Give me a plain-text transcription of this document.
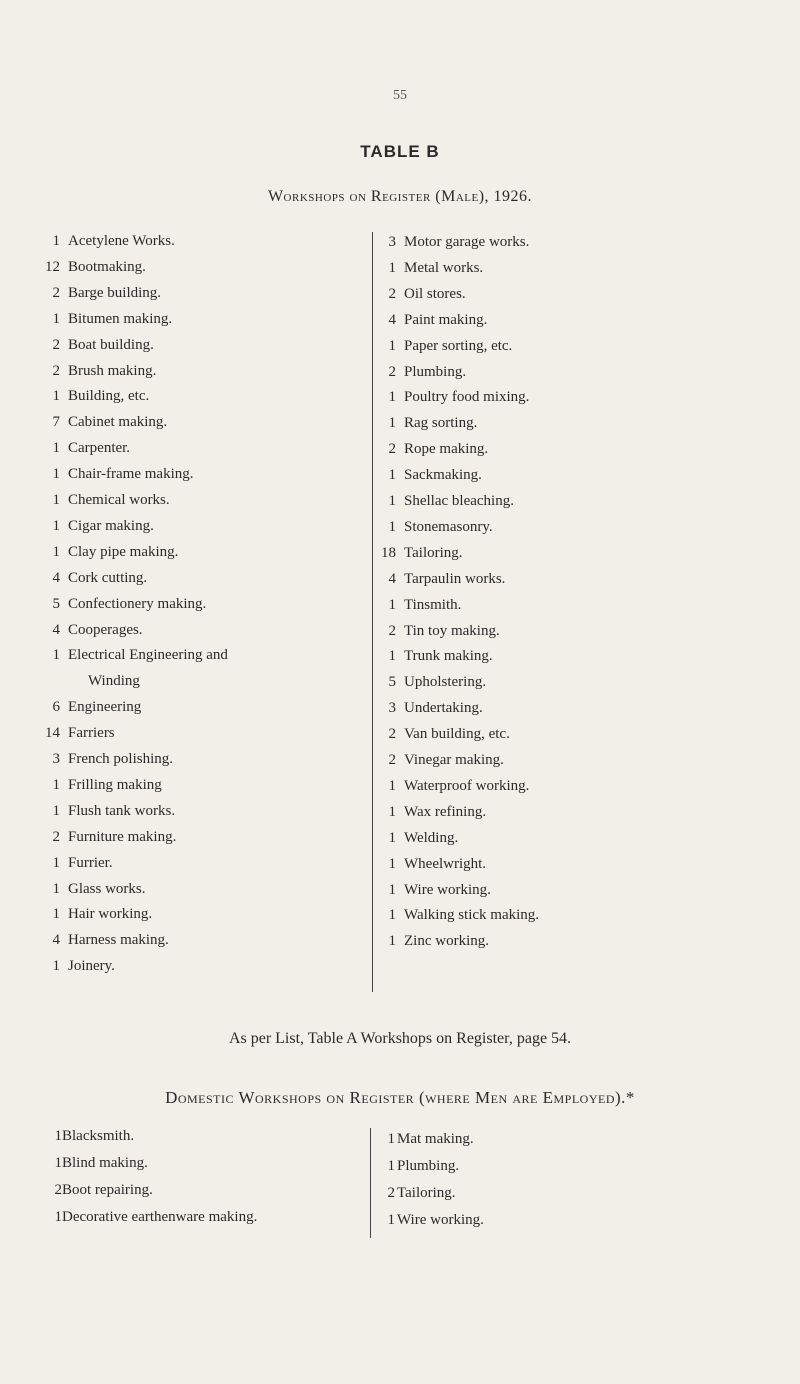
55
TABLE B
Workshops on Register (Male), 1926.
1 Acetylene Works.
12 Bootmaking.
2 Barge building.
1 Bitumen making.
2 Boat building.
2 Brush making.
1 Building, etc.
7 Cabinet making.
1 Carpenter.
1 Chair-frame making.
1 Chemical works.
1 Cigar making.
1 Clay pipe making.
4 Cork cutting.
5 Confectionery making.
4 Cooperages.
1 Electrical Engineering and
Winding
6 Engineering
14 Farriers
3 French polishing.
1 Frilling making
1 Flush tank works.
2 Furniture making.
1 Furrier.
1 Glass works.
1 Hair working.
4 Harness making.
1 Joinery.
3 Motor garage works.
1 Metal works.
2 Oil stores.
4 Paint making.
1 Paper sorting, etc.
2 Plumbing.
1 Poultry food mixing.
1 Rag sorting.
2 Rope making.
1 Sackmaking.
1 Shellac bleaching.
1 Stonemasonry.
18 Tailoring.
4 Tarpaulin works.
1 Tinsmith.
2 Tin toy making.
1 Trunk making.
5 Upholstering.
3 Undertaking.
2 Van building, etc.
2 Vinegar making.
1 Waterproof working.
1 Wax refining.
1 Welding.
1 Wheelwright.
1 Wire working.
1 Walking stick making.
1 Zinc working.
As per List, Table A Workshops on Register, page 54.
Domestic Workshops on Register (where Men are Employed).*
1 Blacksmith.
1 Blind making.
2 Boot repairing.
1 Decorative earthenware making.
1 Mat making.
1 Plumbing.
2 Tailoring.
1 Wire working.
